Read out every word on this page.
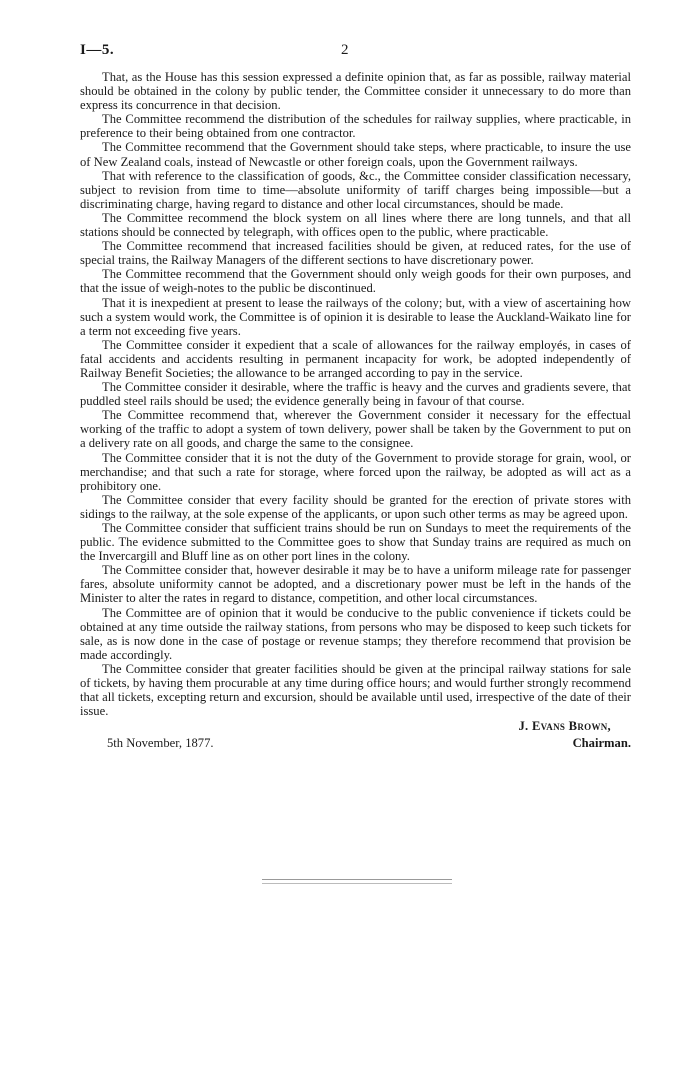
I—5.	2

That, as the House has this session expressed a definite opinion that, as far as possible, railway material should be obtained in the colony by public tender, the Committee consider it unnecessary to do more than express its concurrence in that decision.

The Committee recommend the distribution of the schedules for railway supplies, where practicable, in preference to their being obtained from one contractor.

The Committee recommend that the Government should take steps, where practicable, to insure the use of New Zealand coals, instead of Newcastle or other foreign coals, upon the Government railways.

That with reference to the classification of goods, &c., the Committee consider classification necessary, subject to revision from time to time—absolute uniformity of tariff charges being impossible—but a discriminating charge, having regard to distance and other local circumstances, should be made.

The Committee recommend the block system on all lines where there are long tunnels, and that all stations should be connected by telegraph, with offices open to the public, where practicable.

The Committee recommend that increased facilities should be given, at reduced rates, for the use of special trains, the Railway Managers of the different sections to have discretionary power.

The Committee recommend that the Government should only weigh goods for their own purposes, and that the issue of weigh-notes to the public be discontinued.

That it is inexpedient at present to lease the railways of the colony; but, with a view of ascertaining how such a system would work, the Committee is of opinion it is desirable to lease the Auckland-Waikato line for a term not exceeding five years.

The Committee consider it expedient that a scale of allowances for the railway employés, in cases of fatal accidents and accidents resulting in permanent incapacity for work, be adopted independently of Railway Benefit Societies; the allowance to be arranged according to pay in the service.

The Committee consider it desirable, where the traffic is heavy and the curves and gradients severe, that puddled steel rails should be used; the evidence generally being in favour of that course.

The Committee recommend that, wherever the Government consider it necessary for the effectual working of the traffic to adopt a system of town delivery, power shall be taken by the Government to put on a delivery rate on all goods, and charge the same to the consignee.

The Committee consider that it is not the duty of the Government to provide storage for grain, wool, or merchandise; and that such a rate for storage, where forced upon the railway, be adopted as will act as a prohibitory one.

The Committee consider that every facility should be granted for the erection of private stores with sidings to the railway, at the sole expense of the applicants, or upon such other terms as may be agreed upon.

The Committee consider that sufficient trains should be run on Sundays to meet the requirements of the public. The evidence submitted to the Committee goes to show that Sunday trains are required as much on the Invercargill and Bluff line as on other port lines in the colony.

The Committee consider that, however desirable it may be to have a uniform mileage rate for passenger fares, absolute uniformity cannot be adopted, and a discretionary power must be left in the hands of the Minister to alter the rates in regard to distance, competition, and other local circumstances.

The Committee are of opinion that it would be conducive to the public convenience if tickets could be obtained at any time outside the railway stations, from persons who may be disposed to keep such tickets for sale, as is now done in the case of postage or revenue stamps; they therefore recommend that provision be made accordingly.

The Committee consider that greater facilities should be given at the principal railway stations for sale of tickets, by having them procurable at any time during office hours; and would further strongly recommend that all tickets, excepting return and excursion, should be available until used, irrespective of the date of their issue.

J. Evans Brown,
5th November, 1877.	Chairman.
